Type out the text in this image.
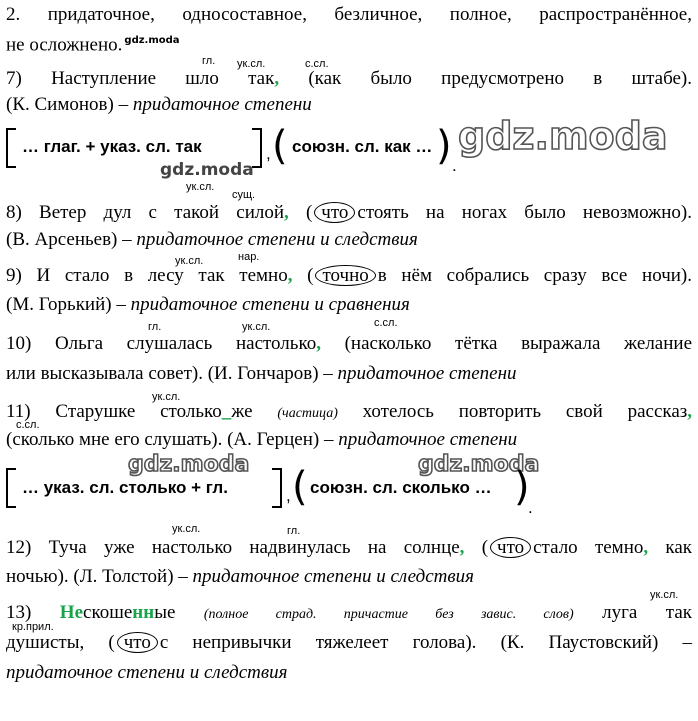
2. придаточное, односоставное, безличное, полное, распространённое,
не осложнено. $^{gdz.moda}$
гл. ук.сл.	с.сл.
7) Наступление шло так, (как было предусмотрено в штабе).
(К. Симонов) – придаточное степени
… глаг. + указ. сл. так	, ( союзн. сл. как … ) .
gdz.moda
gdz.moda
ук.сл.
сущ.
8) Ветер дул с такой силой, ( что стоять на ногах было невозможно).
(В. Арсеньев) – придаточное степени и следствия
ук.сл.	нар.
9) И стало в лесу так темно, ( точно в нём собрались сразу все ночи).
(М. Горький) – придаточное степени и сравнения
гл.	ук.сл.	с.сл.
10) Ольга слушалась настолько, (насколько тётка выражала желание
или высказывала совет). (И. Гончаров) – придаточное степени
ук.сл.
11) Старушке столько_же (частица) хотелось повторить свой рассказ,
с.сл.
(сколько мне его слушать). (А. Герцен) – придаточное степени
gdz.moda	gdz.moda
… указ. сл. столько + гл.	, ( союзн. сл. сколько … )
.
ук.сл.	гл.
12) Туча уже настолько надвинулась на солнце, ( что стало темно, как
ночью). (Л. Толстой) – придаточное степени и следствия
ук.сл.
13) Нескошенные (полное страд. причастие без завис. слов) луга так
кр.прил.
душисты, ( что с непривычки тяжелеет голова). (К. Паустовский) –
придаточное степени и следствия
